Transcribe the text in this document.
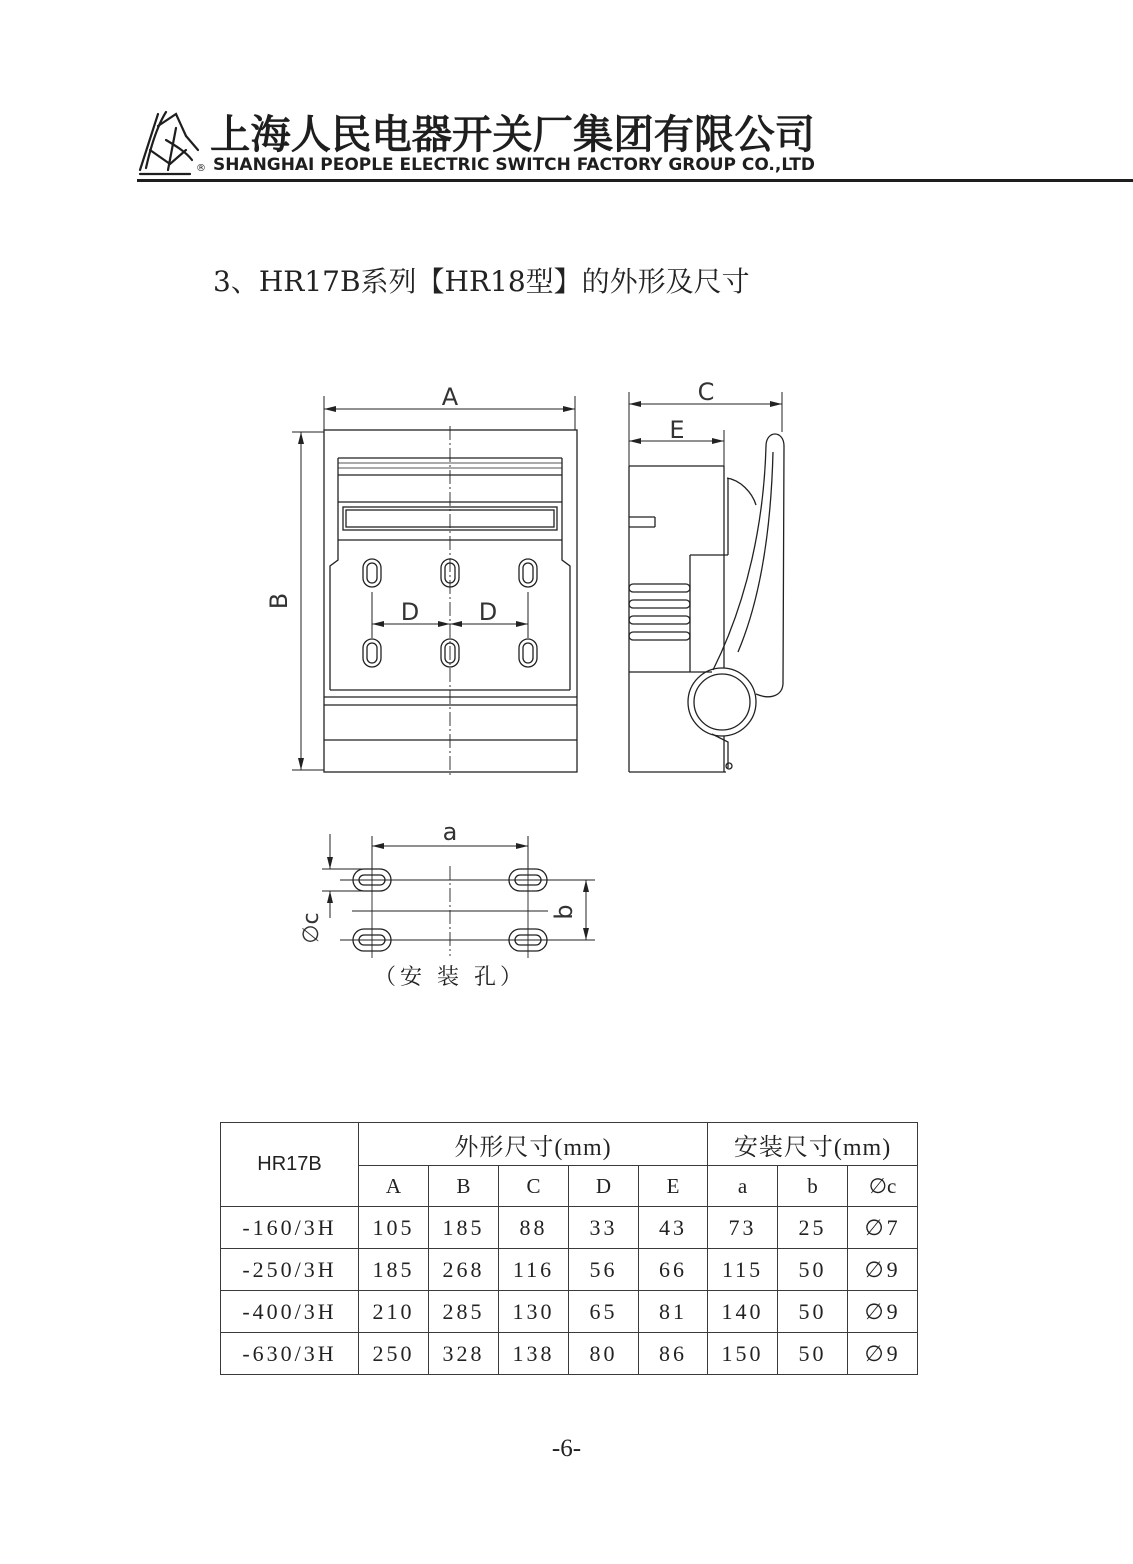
®
上海人民电器开关厂集团有限公司
SHANGHAI PEOPLE ELECTRIC SWITCH FACTORY GROUP CO.,LTD
3、HR17B系列【HR18型】的外形及尺寸
A
B	D D
C
E
a
b
∅c
（安 装 孔）
HR17B	外形尺寸(mm)					安装尺寸(mm)		
	A	B	C	D	E	a	b	∅c
-160/3H	105	185	88	33	43	73	25	∅7
-250/3H	185	268	116	56	66	115	50	∅9
-400/3H	210	285	130	65	81	140	50	∅9
-630/3H	250	328	138	80	86	150	50	∅9
-6-
